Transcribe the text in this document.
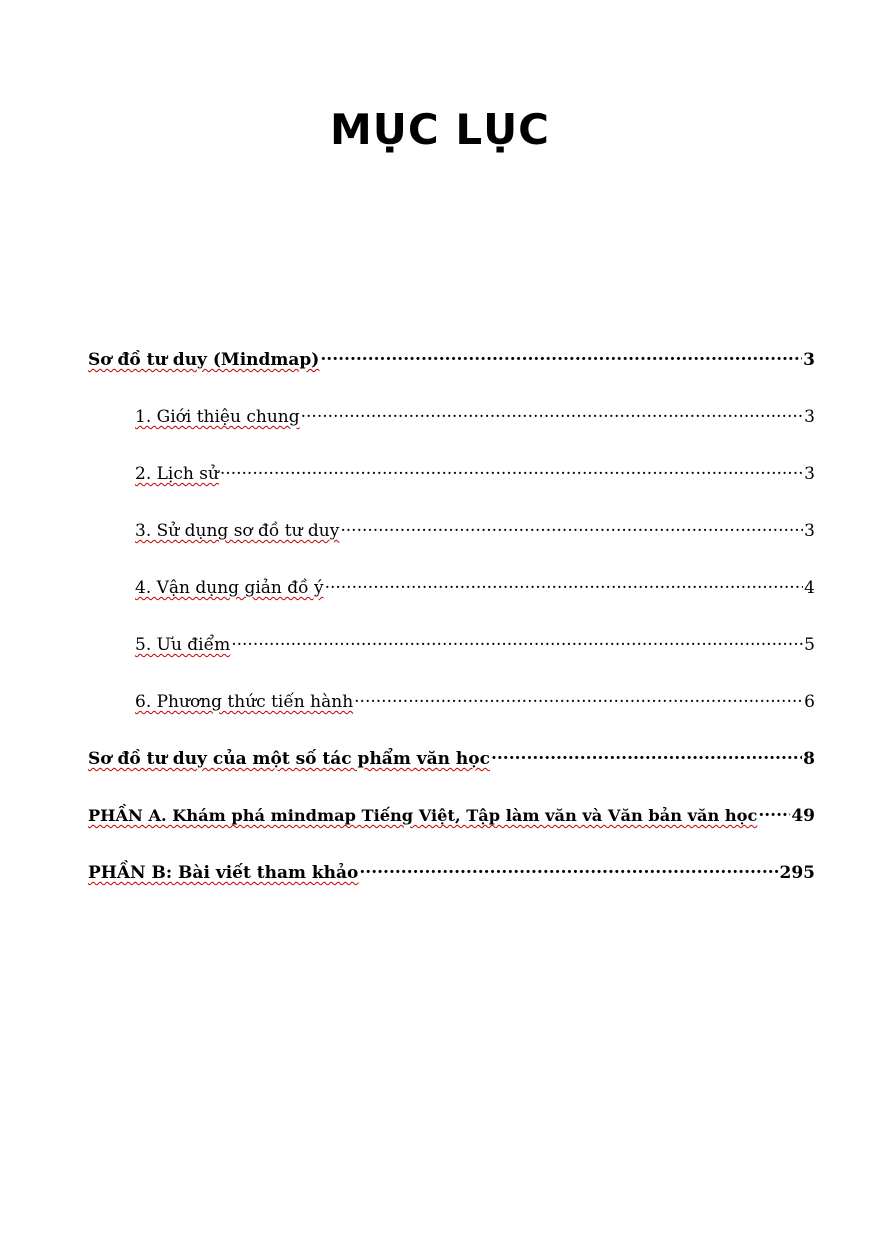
MỤC LỤC
Sơ đồ tư duy (Mindmap) .....	3
1. Giới thiệu chung .....	3
2. Lịch sử .....	3
3. Sử dụng sơ đồ tư duy .....	3
4. Vận dụng giản đồ ý .....	4
5. Ưu điểm .....	5
6. Phương thức tiến hành .....	6
Sơ đồ tư duy của một số tác phẩm văn học .....	8
PHẦN A. Khám phá mindmap Tiếng Việt, Tập làm văn và Văn bản văn học ..... 49
PHẦN B: Bài viết tham khảo .....	295
